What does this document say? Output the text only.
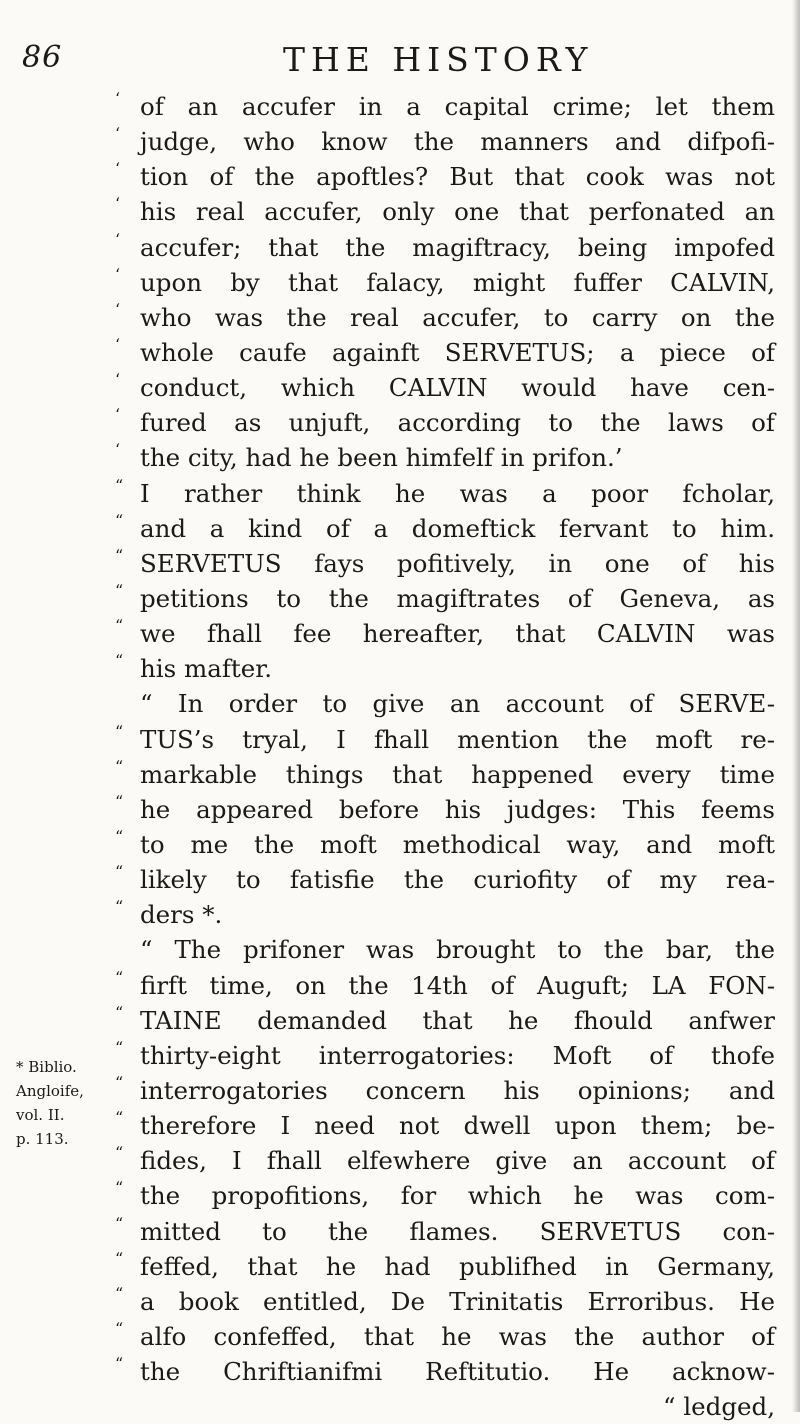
86	THE HISTORY
* Biblio.
Angloife,
vol. II.
p. 113.
‘ of an accufer in a capital crime; let them
‘ judge, who know the manners and difpofi-
‘ tion of the apoftles? But that cook was not
‘ his real accufer, only one that perfonated an
‘ accufer; that the magiftracy, being impofed
‘ upon by that falacy, might fuffer CALVIN,
‘ who was the real accufer, to carry on the
‘ whole caufe againft SERVETUS; a piece of
‘ conduct, which CALVIN would have cen-
‘ fured as unjuft, according to the laws of
‘ the city, had he been himfelf in prifon.’
“ I rather think he was a poor fcholar,
“ and a kind of a domeftick fervant to him.
“ SERVETUS fays pofitively, in one of his
“ petitions to the magiftrates of Geneva, as
“ we fhall fee hereafter, that CALVIN was
“ his mafter.
“ In order to give an account of SERVE-
“ TUS’s tryal, I fhall mention the moft re-
“ markable things that happened every time
“ he appeared before his judges: This feems
“ to me the moft methodical way, and moft
“ likely to fatisfie the curiofity of my rea-
“ ders *.
“ The prifoner was brought to the bar, the
“ firft time, on the 14th of Auguft; LA FON-
“ TAINE demanded that he fhould anfwer
“ thirty-eight interrogatories: Moft of thofe
“ interrogatories concern his opinions; and
“ therefore I need not dwell upon them; be-
“ fides, I fhall elfewhere give an account of
“ the propofitions, for which he was com-
“ mitted to the flames. SERVETUS con-
“ feffed, that he had publifhed in Germany,
“ a book entitled, De Trinitatis Erroribus. He
“ alfo confeffed, that he was the author of
“ the Chriftianifmi Reftitutio. He acknow-
“ ledged,
